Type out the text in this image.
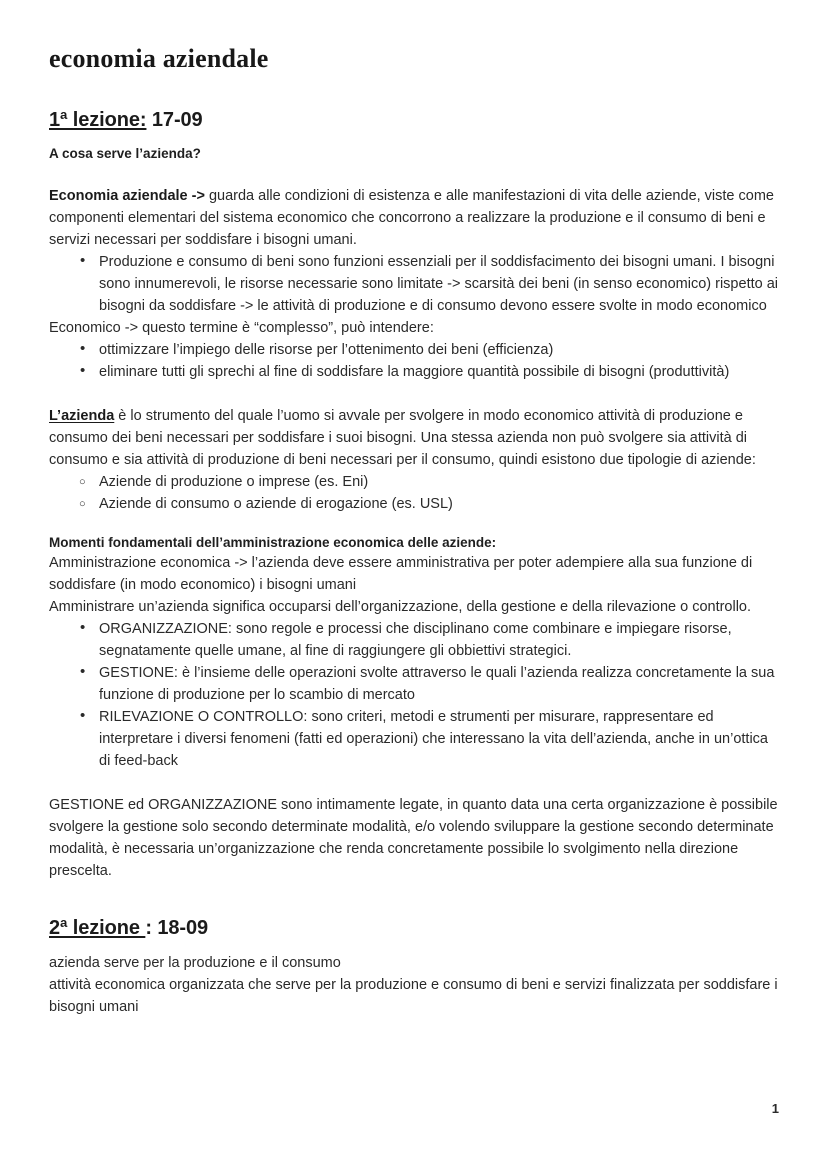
economia aziendale
1ª lezione: 17-09
A cosa serve l’azienda?

Economia aziendale -> guarda alle condizioni di esistenza e alle manifestazioni di vita delle aziende, viste come componenti elementari del sistema economico che concorrono a realizzare la produzione e il consumo di beni e servizi necessari per soddisfare i bisogni umani.

• Produzione e consumo di beni sono funzioni essenziali per il soddisfacimento dei bisogni umani. I bisogni sono innumerevoli, le risorse necessarie sono limitate -> scarsità dei beni (in senso economico) rispetto ai bisogni da soddisfare -> le attività di produzione e di consumo devono essere svolte in modo economico

Economico -> questo termine è “complesso”, può intendere:

• ottimizzare l’impiego delle risorse per l’ottenimento dei beni (efficienza)
• eliminare tutti gli sprechi al fine di soddisfare la maggiore quantità possibile di bisogni (produttività)

L’azienda è lo strumento del quale l’uomo si avvale per svolgere in modo economico attività di produzione e consumo dei beni necessari per soddisfare i suoi bisogni. Una stessa azienda non può svolgere sia attività di consumo e sia attività di produzione di beni necessari per il consumo, quindi esistono due tipologie di aziende:

○ Aziende di produzione o imprese (es. Eni)
○ Aziende di consumo o aziende di erogazione (es. USL)
Momenti fondamentali dell’amministrazione economica delle aziende:

Amministrazione economica -> l’azienda deve essere amministrativa per poter adempiere alla sua funzione di soddisfare (in modo economico) i bisogni umani

Amministrare un’azienda significa occuparsi dell’organizzazione, della gestione e della rilevazione o controllo.

• ORGANIZZAZIONE: sono regole e processi che disciplinano come combinare e impiegare risorse, segnatamente quelle umane, al fine di raggiungere gli obbiettivi strategici.
• GESTIONE: è l’insieme delle operazioni svolte attraverso le quali l’azienda realizza concretamente la sua funzione di produzione per lo scambio di mercato
• RILEVAZIONE O CONTROLLO: sono criteri, metodi e strumenti per misurare, rappresentare ed interpretare i diversi fenomeni (fatti ed operazioni) che interessano la vita dell’azienda, anche in un’ottica di feed-back

GESTIONE ed ORGANIZZAZIONE sono intimamente legate, in quanto data una certa organizzazione è possibile svolgere la gestione solo secondo determinate modalità, e/o volendo sviluppare la gestione secondo determinate modalità, è necessaria un’organizzazione che renda concretamente possibile lo svolgimento nella direzione prescelta.

2ª lezione : 18-09

azienda serve per la produzione e il consumo

attività economica organizzata che serve per la produzione e consumo di beni e servizi finalizzata per soddisfare i bisogni umani

1
